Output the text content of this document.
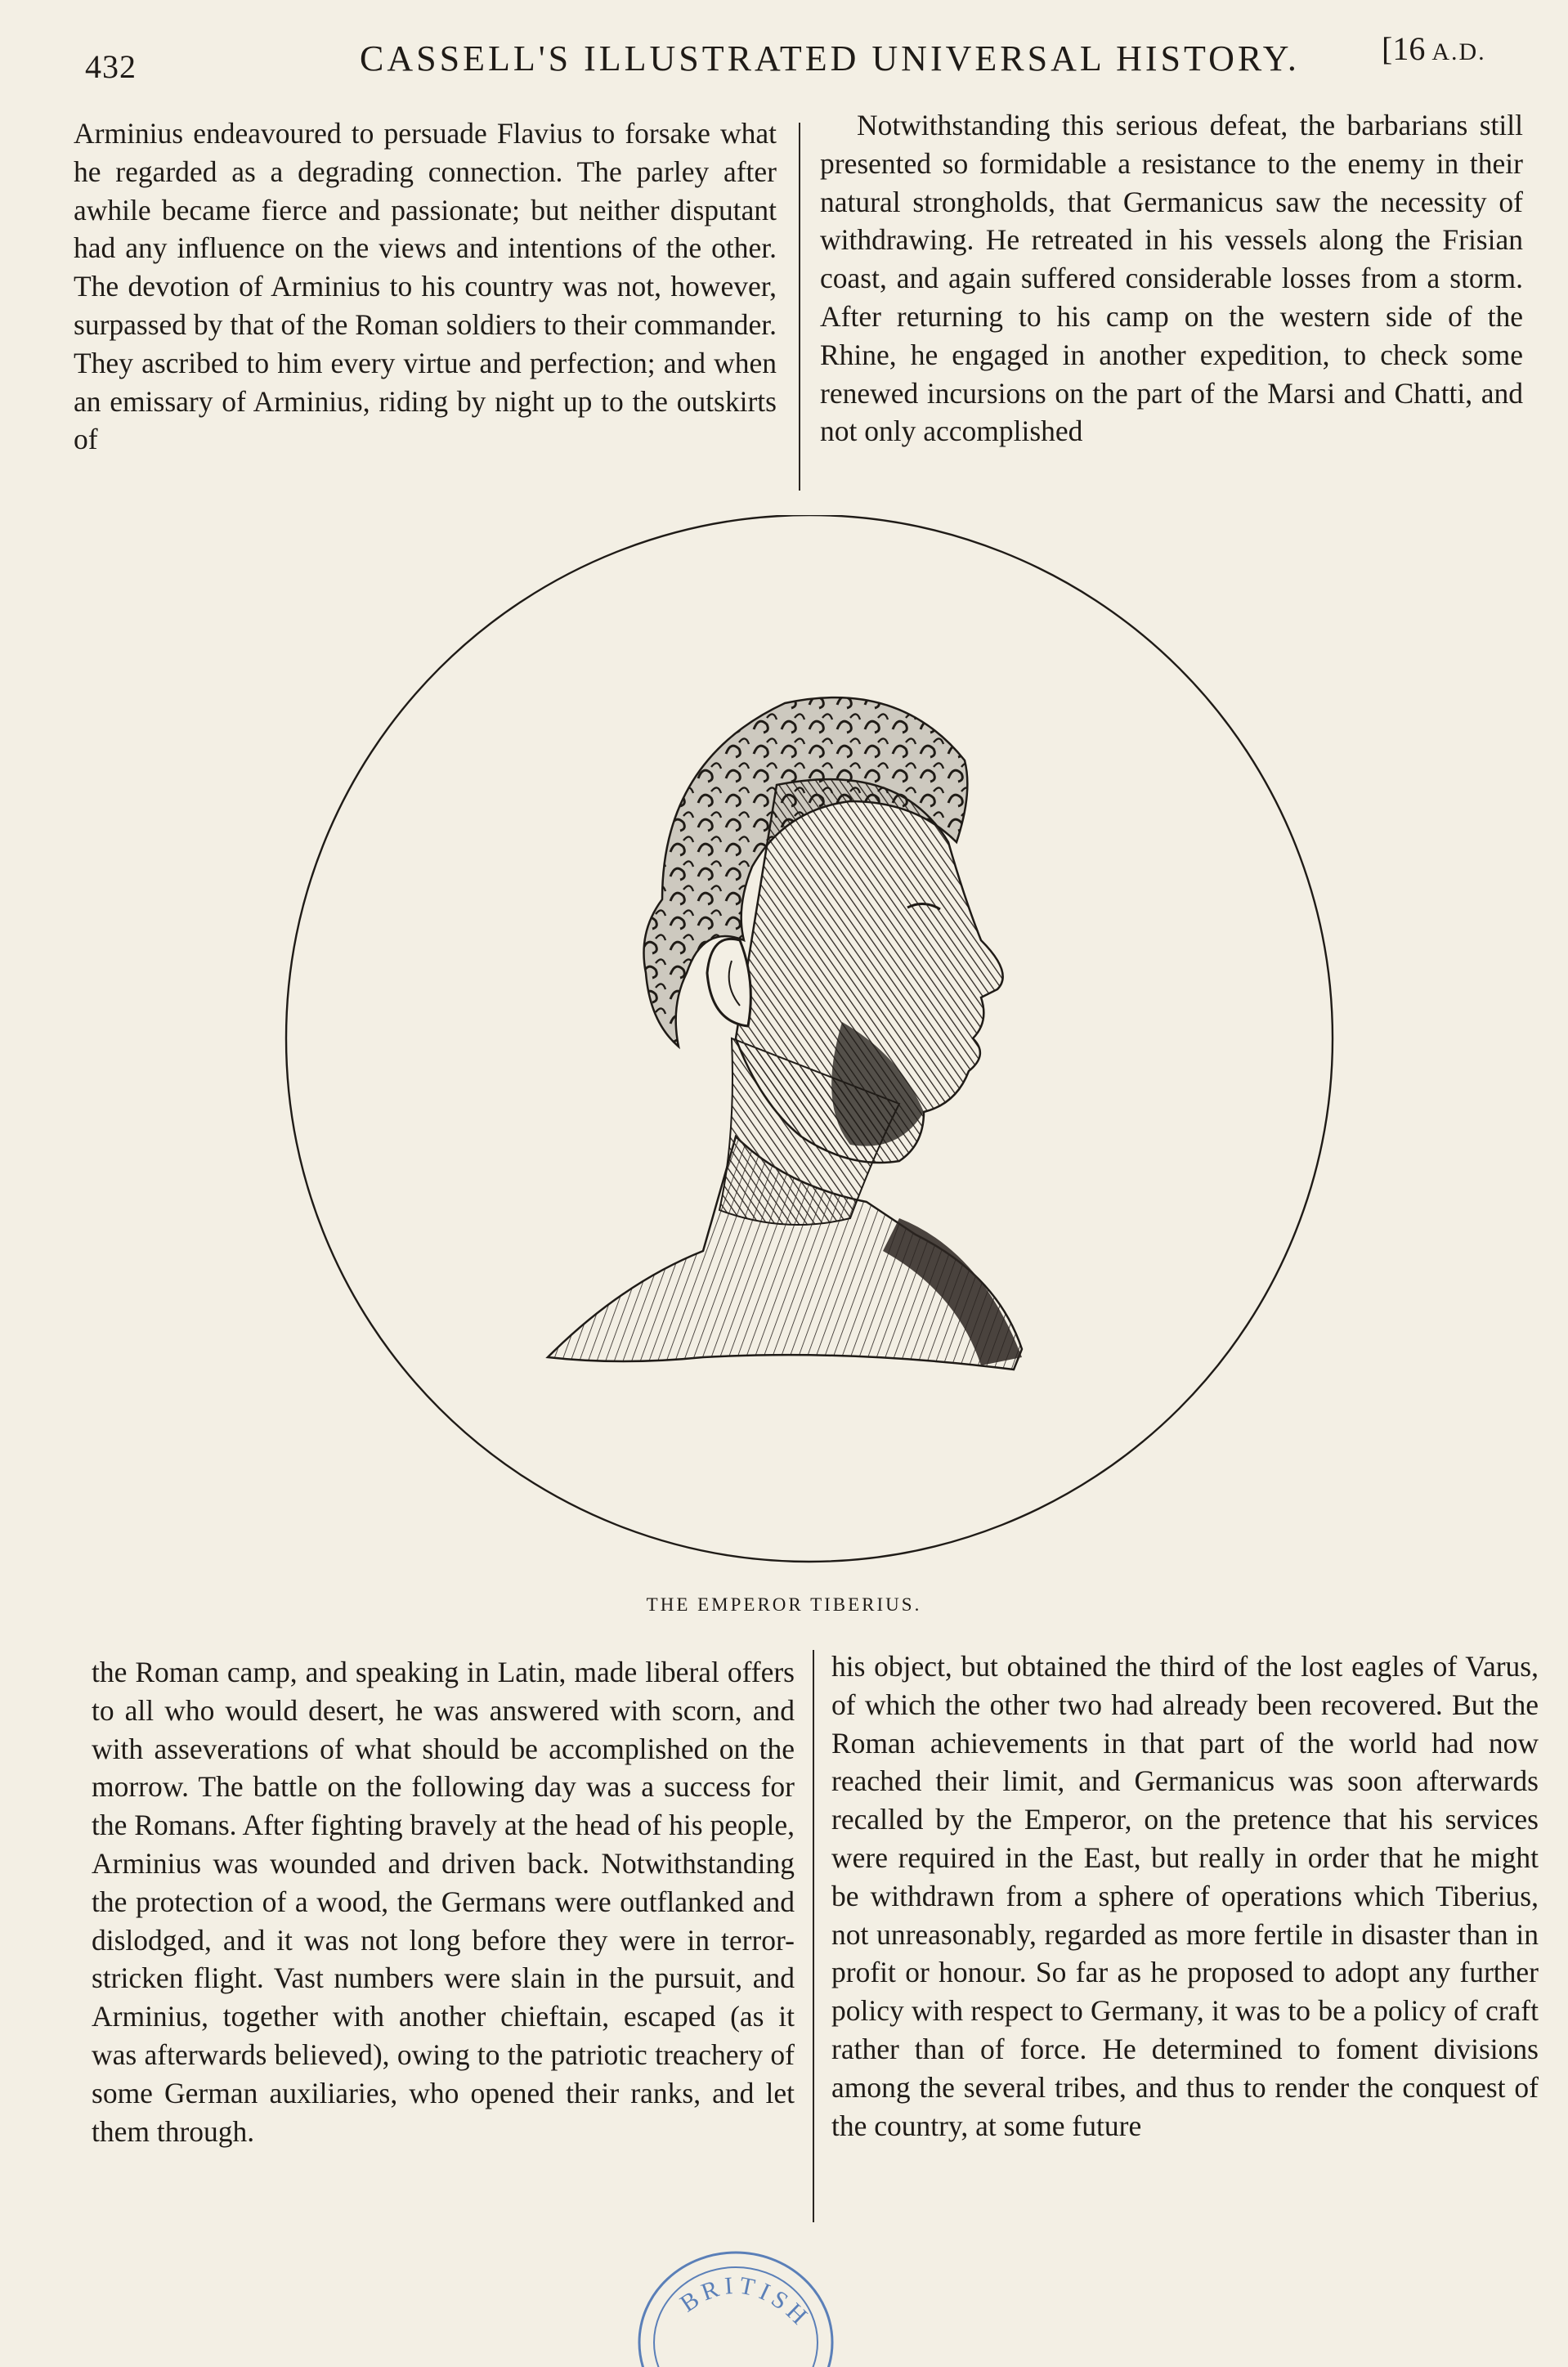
432	CASSELL'S ILLUSTRATED UNIVERSAL HISTORY.	[16 A.D.

Arminius endeavoured to persuade Flavius to forsake what he regarded as a degrading connection. The parley after awhile became fierce and passionate; but neither disputant had any influence on the views and intentions of the other. The devotion of Arminius to his country was not, however, surpassed by that of the Roman soldiers to their commander. They ascribed to him every virtue and perfection; and when an emissary of Arminius, riding by night up to the outskirts of

Notwithstanding this serious defeat, the barbarians still presented so formidable a resistance to the enemy in their natural strongholds, that Germanicus saw the necessity of withdrawing. He retreated in his vessels along the Frisian coast, and again suffered considerable losses from a storm. After returning to his camp on the western side of the Rhine, he engaged in another expedition, to check some renewed incursions on the part of the Marsi and Chatti, and not only accomplished

THE EMPEROR TIBERIUS.

the Roman camp, and speaking in Latin, made liberal offers to all who would desert, he was answered with scorn, and with asseverations of what should be accomplished on the morrow. The battle on the following day was a success for the Romans. After fighting bravely at the head of his people, Arminius was wounded and driven back. Notwithstanding the protection of a wood, the Germans were outflanked and dislodged, and it was not long before they were in terror-stricken flight. Vast numbers were slain in the pursuit, and Arminius, together with another chieftain, escaped (as it was afterwards believed), owing to the patriotic treachery of some German auxiliaries, who opened their ranks, and let them through.

his object, but obtained the third of the lost eagles of Varus, of which the other two had already been recovered. But the Roman achievements in that part of the world had now reached their limit, and Germanicus was soon afterwards recalled by the Emperor, on the pretence that his services were required in the East, but really in order that he might be withdrawn from a sphere of operations which Tiberius, not unreasonably, regarded as more fertile in disaster than in profit or honour. So far as he proposed to adopt any further policy with respect to Germany, it was to be a policy of craft rather than of force. He determined to foment divisions among the several tribes, and thus to render the conquest of the country, at some future

BRITISH
